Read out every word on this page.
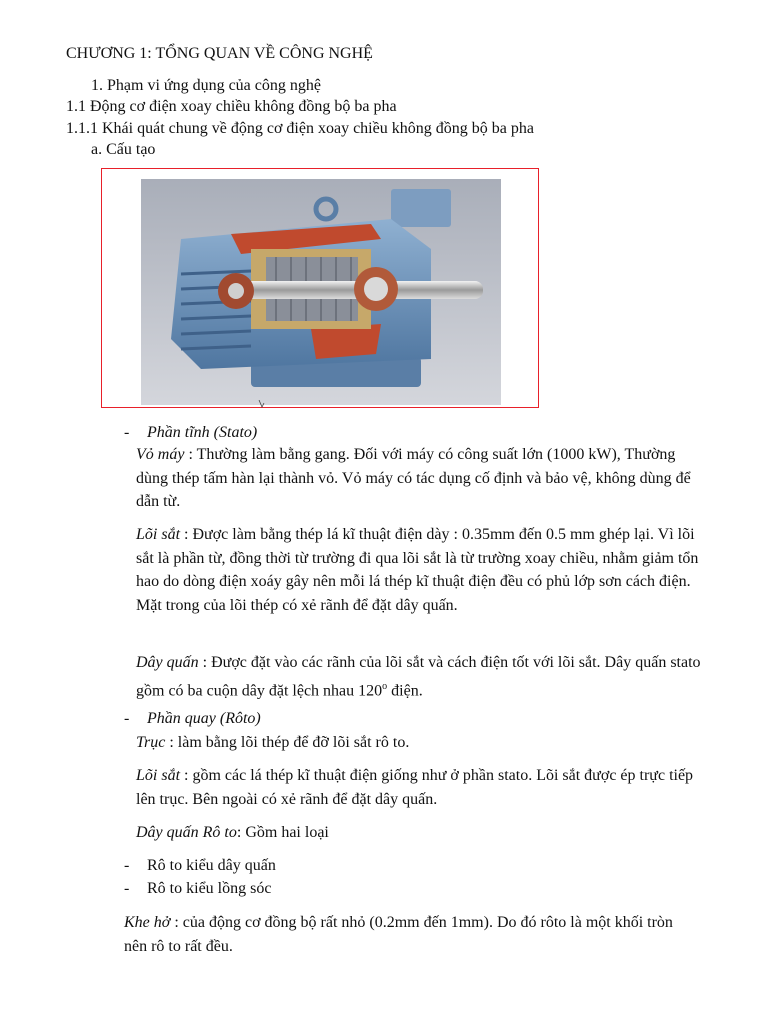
CHƯƠNG 1: TỔNG QUAN VỀ CÔNG NGHỆ
1. Phạm vi ứng dụng của công nghệ
1.1 Động cơ điện xoay chiều không đồng bộ ba pha
1.1.1 Khái quát chung về động cơ điện xoay chiều không đồng bộ ba pha
a. Cấu tạo
- Phần tĩnh (Stato)
Vỏ máy : Thường làm bằng gang. Đối với máy có công suất lớn (1000 kW), Thường dùng thép tấm hàn lại thành vỏ. Vỏ máy có tác dụng cố định và bảo vệ, không dùng để dẫn từ.
Lõi sắt : Được làm bằng thép lá kĩ thuật điện dày : 0.35mm đến 0.5 mm ghép lại. Vì lõi sắt là phần từ, đồng thời từ trường đi qua lõi sắt là từ trường xoay chiều, nhằm giảm tổn hao do dòng điện xoáy gây nên mỗi lá thép kĩ thuật điện đều có phủ lớp sơn cách điện. Mặt trong của lõi thép có xẻ rãnh để đặt dây quấn.
Dây quấn : Được đặt vào các rãnh của lõi sắt và cách điện tốt với lõi sắt. Dây quấn stato gồm có ba cuộn dây đặt lệch nhau 120$^o$ điện.
- Phần quay (Rôto)
Trục : làm bằng lõi thép để đỡ lõi sắt rô to.
Lõi sắt : gồm các lá thép kĩ thuật điện giống như ở phần stato. Lõi sắt được ép trực tiếp lên trục. Bên ngoài có xẻ rãnh để đặt dây quấn.
Dây quấn Rô to: Gồm hai loại
- Rô to kiểu dây quấn
- Rô to kiểu lồng sóc
Khe hở : của động cơ đồng bộ rất nhỏ (0.2mm đến 1mm). Do đó rôto là một khối tròn nên rô to rất đều.
